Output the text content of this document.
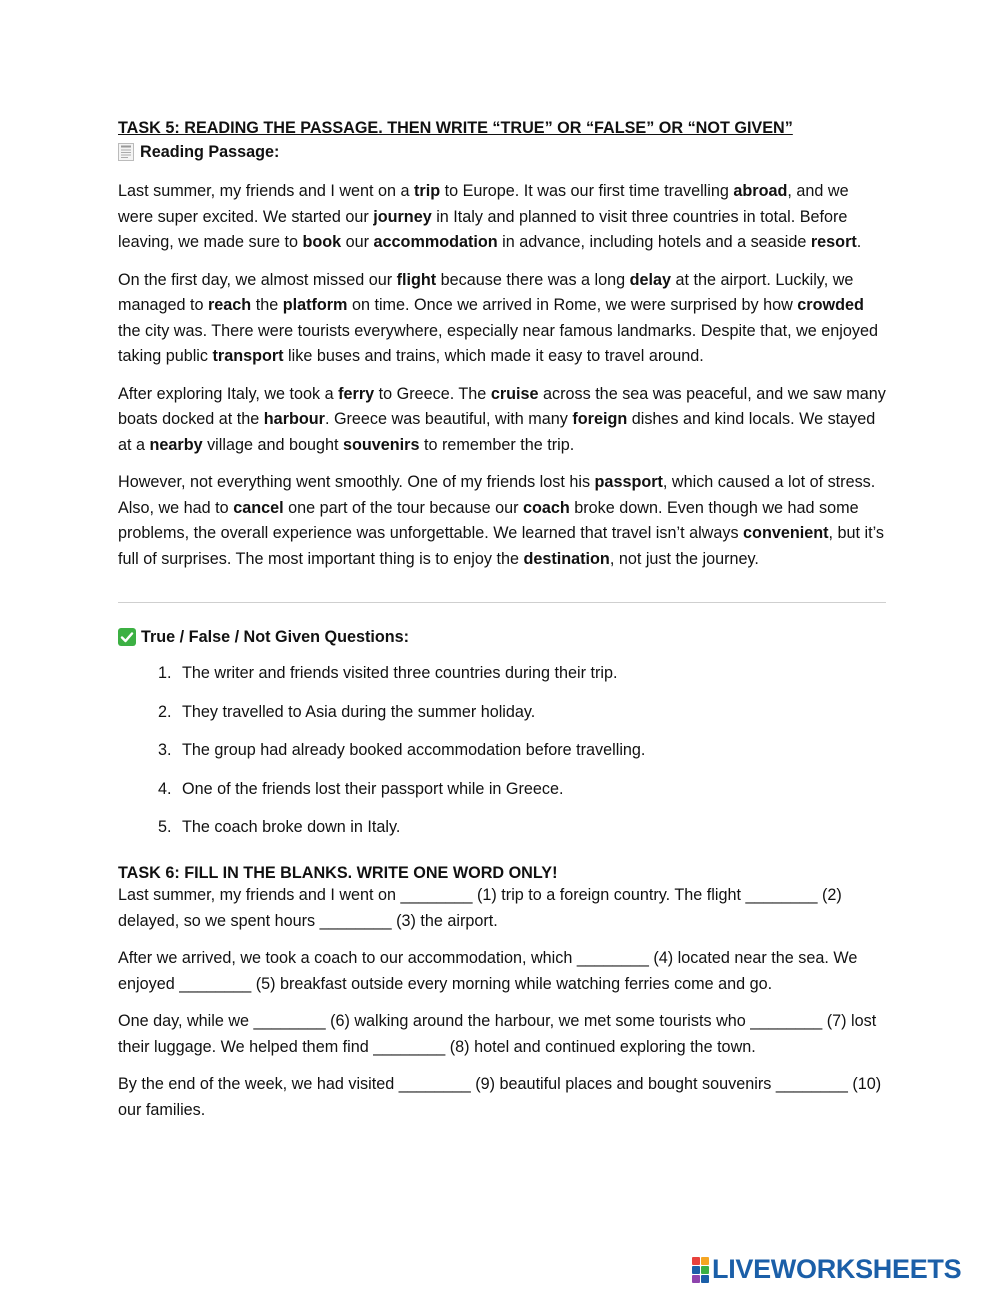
TASK 5: READING THE PASSAGE. THEN WRITE “TRUE” OR “FALSE” OR “NOT GIVEN”

Reading Passage:

Last summer, my friends and I went on a trip to Europe. It was our first time travelling abroad, and we were super excited. We started our journey in Italy and planned to visit three countries in total. Before leaving, we made sure to book our accommodation in advance, including hotels and a seaside resort.

On the first day, we almost missed our flight because there was a long delay at the airport. Luckily, we managed to reach the platform on time. Once we arrived in Rome, we were surprised by how crowded the city was. There were tourists everywhere, especially near famous landmarks. Despite that, we enjoyed taking public transport like buses and trains, which made it easy to travel around.

After exploring Italy, we took a ferry to Greece. The cruise across the sea was peaceful, and we saw many boats docked at the harbour. Greece was beautiful, with many foreign dishes and kind locals. We stayed at a nearby village and bought souvenirs to remember the trip.

However, not everything went smoothly. One of my friends lost his passport, which caused a lot of stress. Also, we had to cancel one part of the tour because our coach broke down. Even though we had some problems, the overall experience was unforgettable. We learned that travel isn’t always convenient, but it’s full of surprises. The most important thing is to enjoy the destination, not just the journey.

True / False / Not Given Questions:
1. The writer and friends visited three countries during their trip.
2. They travelled to Asia during the summer holiday.
3. The group had already booked accommodation before travelling.
4. One of the friends lost their passport while in Greece.
5. The coach broke down in Italy.

TASK 6: FILL IN THE BLANKS. WRITE ONE WORD ONLY!

Last summer, my friends and I went on ________ (1) trip to a foreign country. The flight ________ (2) delayed, so we spent hours ________ (3) the airport.

After we arrived, we took a coach to our accommodation, which ________ (4) located near the sea. We enjoyed ________ (5) breakfast outside every morning while watching ferries come and go.

One day, while we ________ (6) walking around the harbour, we met some tourists who ________ (7) lost their luggage. We helped them find ________ (8) hotel and continued exploring the town.

By the end of the week, we had visited ________ (9) beautiful places and bought souvenirs ________ (10) our families.

LIVEWORKSHEETS
